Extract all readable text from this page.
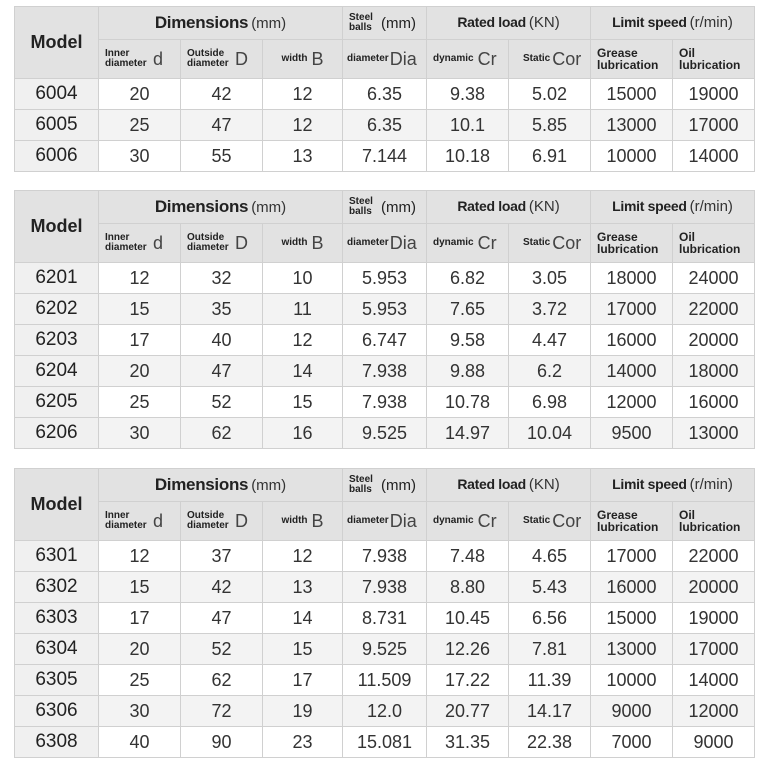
Model	Dimensions (mm)			Steel balls (mm)	Rated load (KN)		Limit speed (r/min)	
	Inner diameter d	Outside diameter D	width B	diameterDia	dynamic Cr	Static Cor	Grease lubrication	Oil lubrication
6004	20	42	12	6.35	9.38	5.02	15000	19000
6005	25	47	12	6.35	10.1	5.85	13000	17000
6006	30	55	13	7.144	10.18	6.91	10000	14000
Model	Dimensions (mm)			Steel balls (mm)	Rated load (KN)		Limit speed (r/min)	
	Inner diameter d	Outside diameter D	width B	diameterDia	dynamic Cr	Static Cor	Grease lubrication	Oil lubrication
6201	12	32	10	5.953	6.82	3.05	18000	24000
6202	15	35	11	5.953	7.65	3.72	17000	22000
6203	17	40	12	6.747	9.58	4.47	16000	20000
6204	20	47	14	7.938	9.88	6.2	14000	18000
6205	25	52	15	7.938	10.78	6.98	12000	16000
6206	30	62	16	9.525	14.97	10.04	9500	13000
Model	Dimensions (mm)			Steel balls (mm)	Rated load (KN)		Limit speed (r/min)	
	Inner diameter d	Outside diameter D	width B	diameterDia	dynamic Cr	Static Cor	Grease lubrication	Oil lubrication
6301	12	37	12	7.938	7.48	4.65	17000	22000
6302	15	42	13	7.938	8.80	5.43	16000	20000
6303	17	47	14	8.731	10.45	6.56	15000	19000
6304	20	52	15	9.525	12.26	7.81	13000	17000
6305	25	62	17	11.509	17.22	11.39	10000	14000
6306	30	72	19	12.0	20.77	14.17	9000	12000
6308	40	90	23	15.081	31.35	22.38	7000	9000
